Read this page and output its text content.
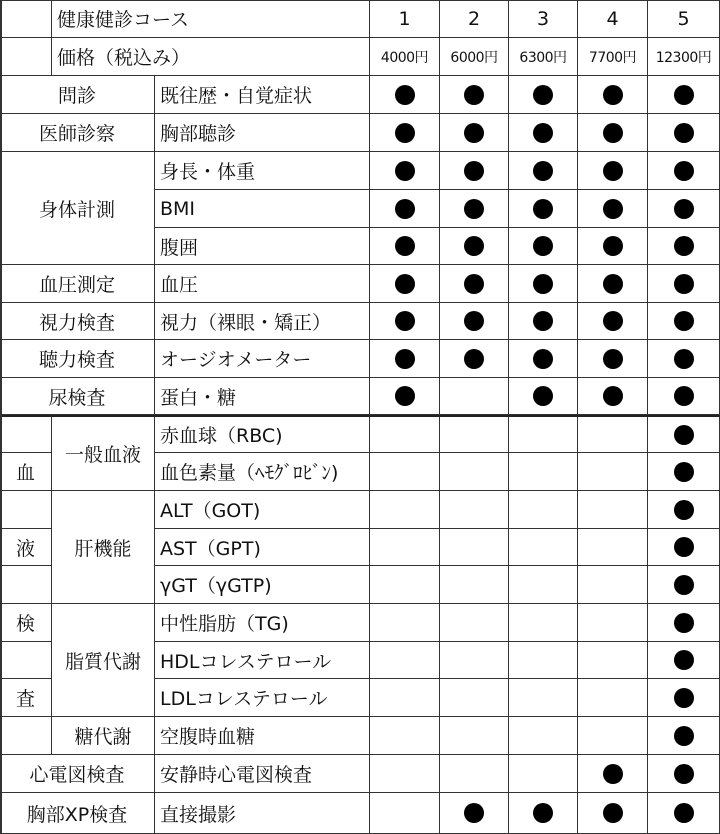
健康健診コース
価格（税込み）
問診
医師診察
身体計測
血圧測定
視力検査
聴力検査
尿検査
血
液
検
査
一般血液
肝機能
脂質代謝
糖代謝
心電図検査
胸部XP検査
1
4000円
2
6000円
3
6300円
4
7700円
5
12300円
既往歴・自覚症状
胸部聴診
身長・体重
BMI
腹囲
血圧
視力（裸眼・矯正）
オージオメーター
蛋白・糖
赤血球（RBC)
血色素量（ﾍﾓｸﾞﾛﾋﾞﾝ)
ALT（GOT)
AST（GPT)
γGT（γGTP)
中性脂肪（TG)
HDLコレステロール
LDLコレステロール
空腹時血糖
安静時心電図検査
直接撮影
